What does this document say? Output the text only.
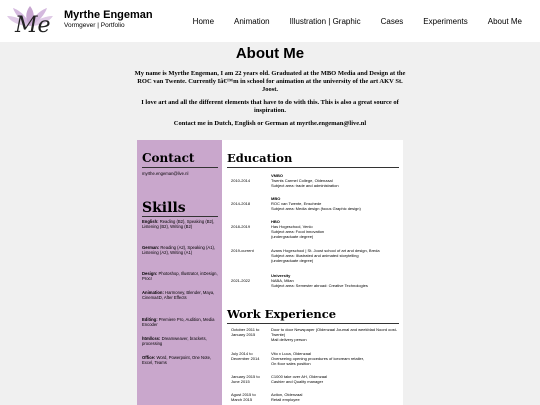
Me Myrthe Engeman
Vormgever | Portfolio	Home	Animation	Illustration | Graphic	Cases	Experiments	About Me
About Me

My name is Myrthe Engeman, I am 22 years old. Graduated at the MBO Media and Design at the ROC van Twente. Currently Iâ€™m in school for animation at the university of the art AKV St. Joost.

I love art and all the different elements that have to do with this. This is also a great source of inspiration.

Contact me in Dutch, English or German at myrthe.engeman@live.nl

Contact
myrthe.engeman@live.nl
Skills
English: Reading (B2), Speaking (B2), Listening (B2), Writing (B2)
German: Reading (A2), Speaking (A1), Listening (A2), Writing (A1)
Design: Photoshop, Illustrator, inDesign, Procr
Animation: Harmoney, Blender, Maya, Cinema4D, After Effects
Editing: Premiere Pro, Audition, Media Encoder
html/css: Dreamweaver, brackets, processing
Office: Word, Powerpoint, One Note, Excel, Teams
Education
2010-2014
VMBO
Twents Carmel College, Oldenzaal
Subject area: trade and administration
2014-2018
MBO
ROC van Twente, Enschede
Subject area: Media design (focus Graphic design)
2018-2019
HBO
Has Hogeschool, Venlo
Subject area: Food innovation
(undergraduate degree)
2019-current	Avans Hogeschool | St. Joost school of art and design, Breda
Subject area: Illustrated and animated storytelling
(undergraduate degree)
2021-2022
University
NABA, Milan
Subject area: Semester abroad: Creative Technologies
Work Experience
October 2011 to January 2015
Door to door Newspaper (Oldenzaal Journal and weekblad Noord oost-Twente)
Mail delivery person
July 2014 to December 2014
Vito x Luca, Oldenzaal
Overseeing opening procedures of icecream retailer,
On floor sales position
January 2015 to June 2015
C1000 take over AH, Oldenzaal
Cashier and Quality manager
Agust 2015 to March 2015
Action, Oldenzaal
Retail employee
